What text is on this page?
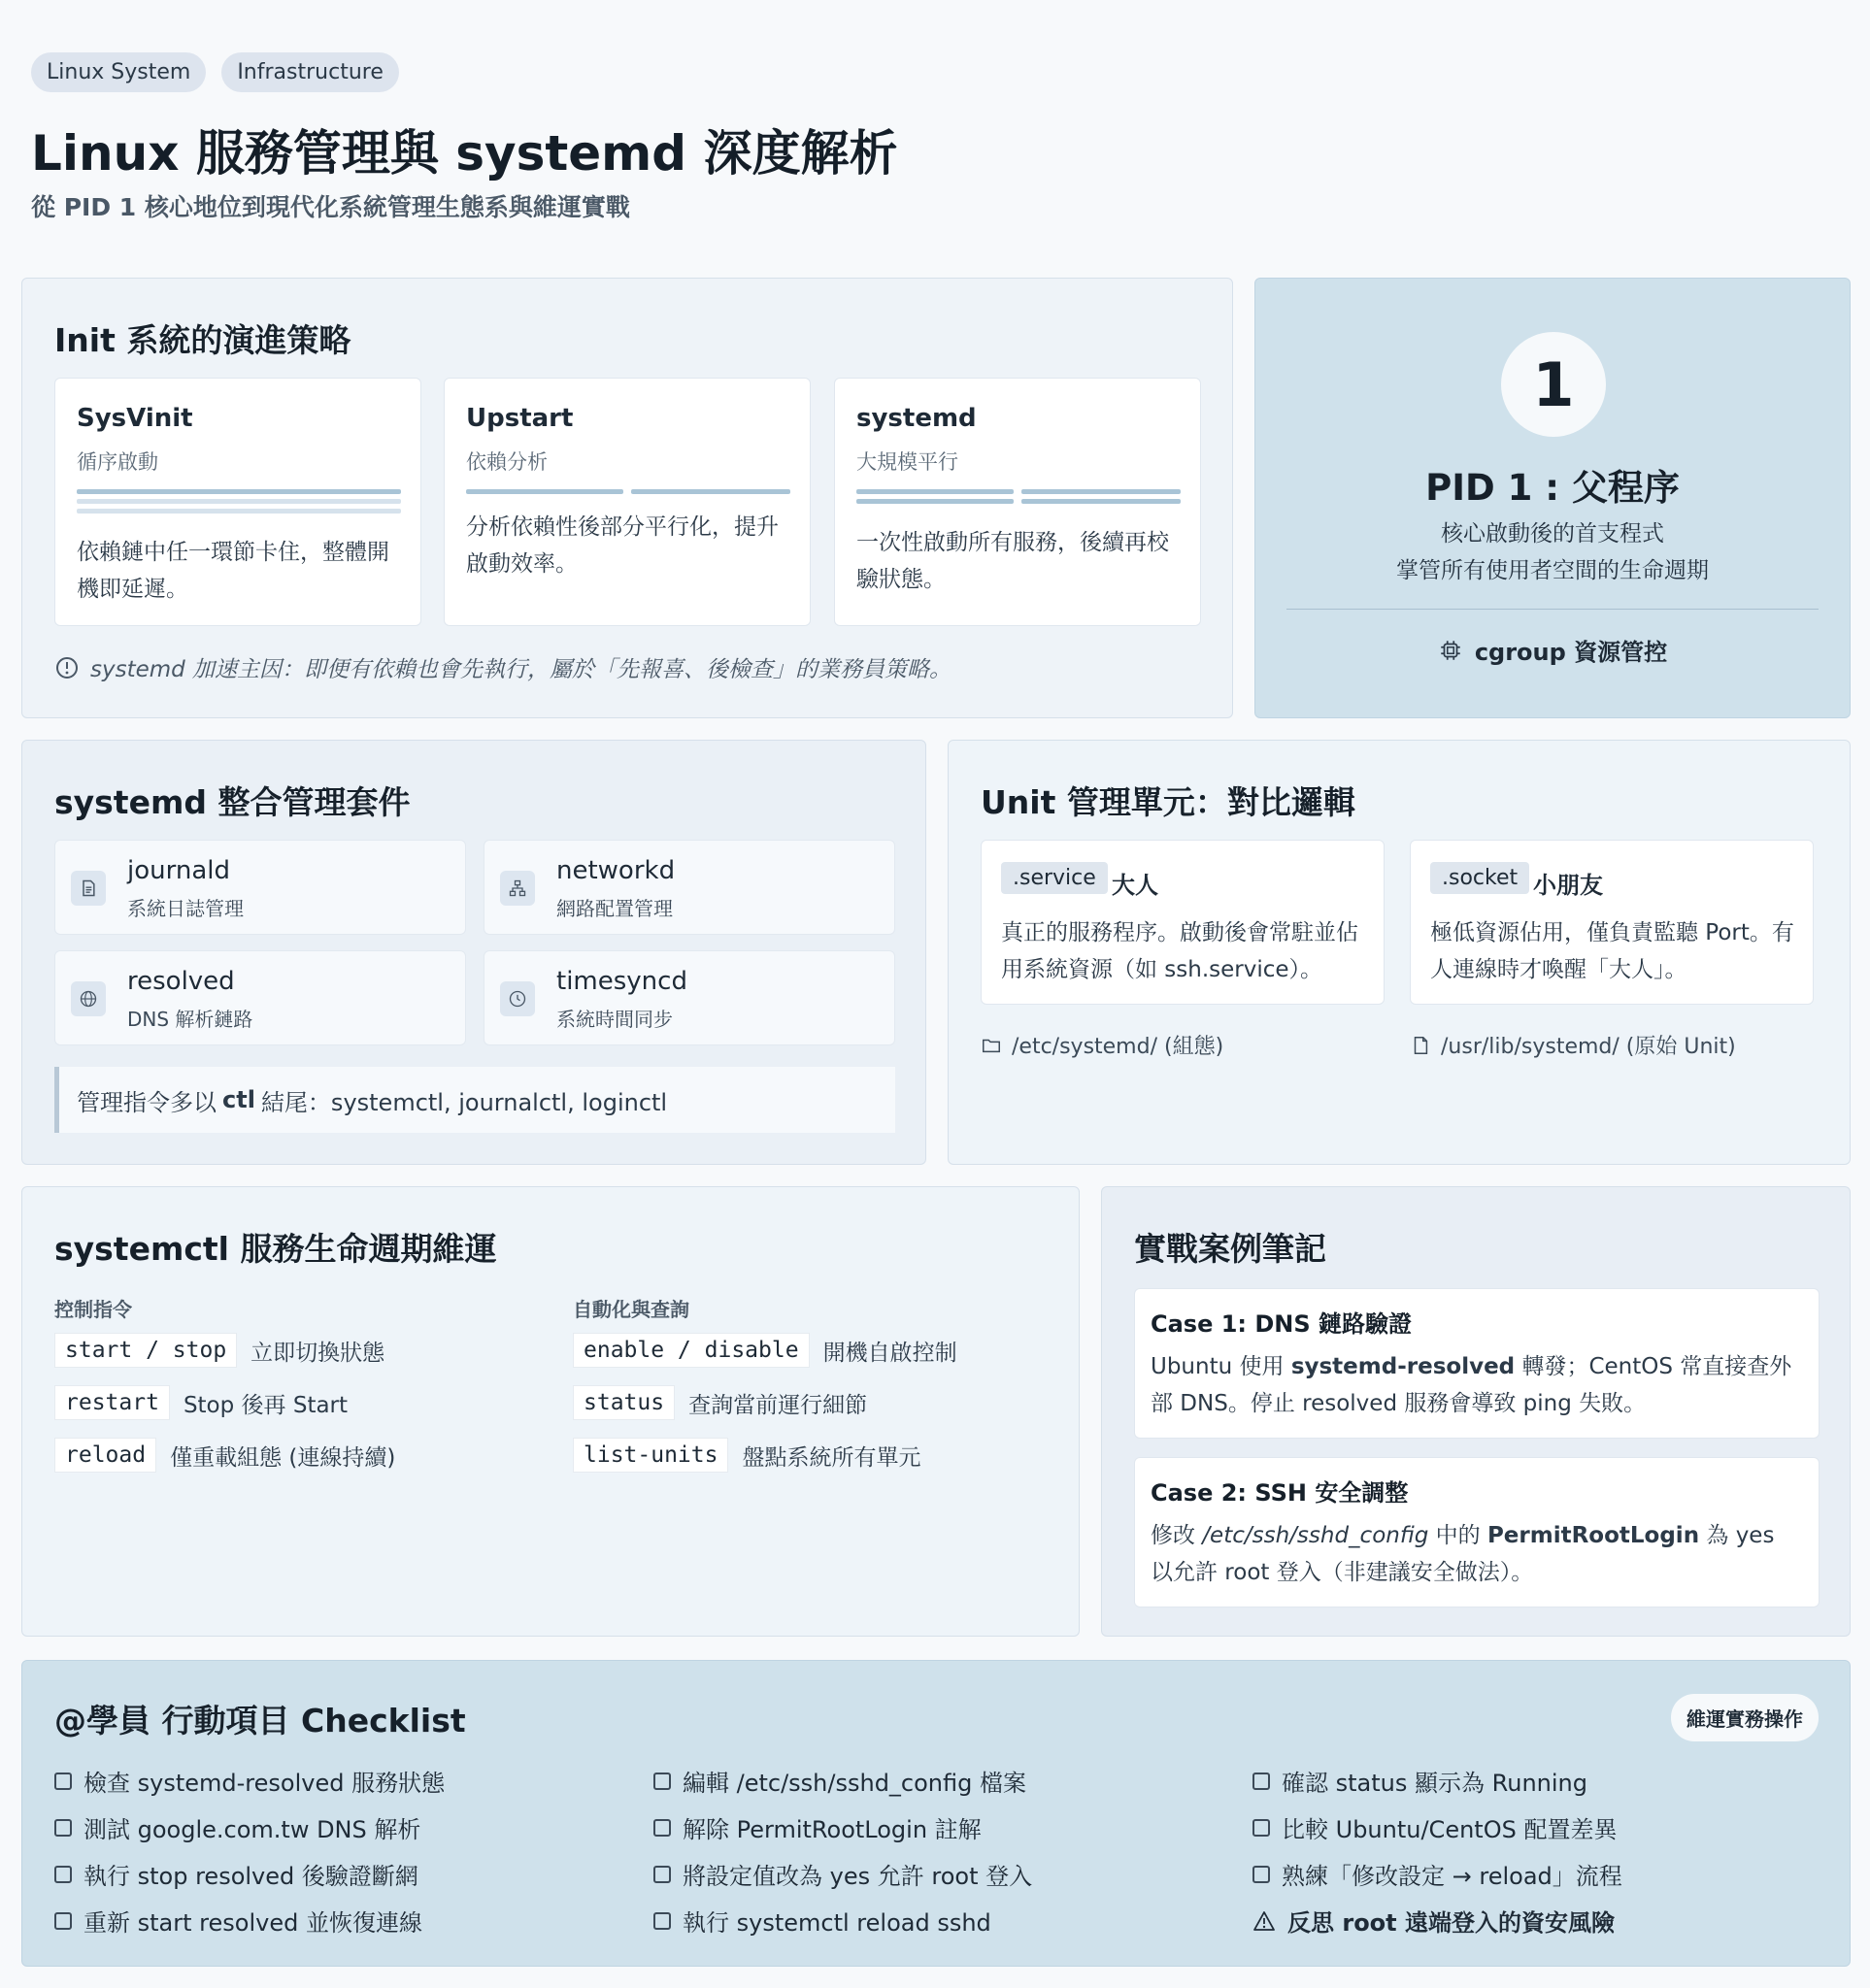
Linux System	Infrastructure
Linux 服務管理與 systemd 深度解析

從 PID 1 核心地位到現代化系統管理生態系與維運實戰

Init 系統的演進策略
SysVinit
循序啟動
依賴鏈中任一環節卡住，整體開機即延遲。
Upstart
依賴分析
分析依賴性後部分平行化，提升啟動效率。
systemd
大規模平行
一次性啟動所有服務，後續再校驗狀態。
systemd 加速主因：即便有依賴也會先執行，屬於「先報喜、後檢查」的業務員策略。
1
PID 1 : 父程序
核心啟動後的首支程式
掌管所有使用者空間的生命週期
cgroup 資源管控
systemd 整合管理套件
journald
系統日誌管理
networkd
網路配置管理
resolved
DNS 解析鏈路
timesyncd
系統時間同步
管理指令多以 ctl 結尾：systemctl, journalctl, loginctl
Unit 管理單元：對比邏輯
.service 大人
真正的服務程序。啟動後會常駐並佔用系統資源（如 ssh.service）。
.socket 小朋友
極低資源佔用，僅負責監聽 Port。有人連線時才喚醒「大人」。
/etc/systemd/ (組態)	/usr/lib/systemd/ (原始 Unit)
systemctl 服務生命週期維運
控制指令	自動化與查詢
start / stop	立即切換狀態
restart	Stop 後再 Start
reload	僅重載組態 (連線持續)
enable / disable	開機自啟控制
status	查詢當前運行細節
list-units	盤點系統所有單元
實戰案例筆記
Case 1: DNS 鏈路驗證
Ubuntu 使用 systemd-resolved 轉發；CentOS 常直接查外部 DNS。停止 resolved 服務會導致 ping 失敗。
Case 2: SSH 安全調整
修改 /etc/ssh/sshd_config 中的 PermitRootLogin 為 yes 以允許 root 登入（非建議安全做法）。
@學員 行動項目 Checklist	維運實務操作
檢查 systemd-resolved 服務狀態
測試 google.com.tw DNS 解析
執行 stop resolved 後驗證斷網
重新 start resolved 並恢復連線
編輯 /etc/ssh/sshd_config 檔案
解除 PermitRootLogin 註解
將設定值改為 yes 允許 root 登入
執行 systemctl reload sshd
確認 status 顯示為 Running
比較 Ubuntu/CentOS 配置差異
熟練「修改設定 → reload」流程
反思 root 遠端登入的資安風險
